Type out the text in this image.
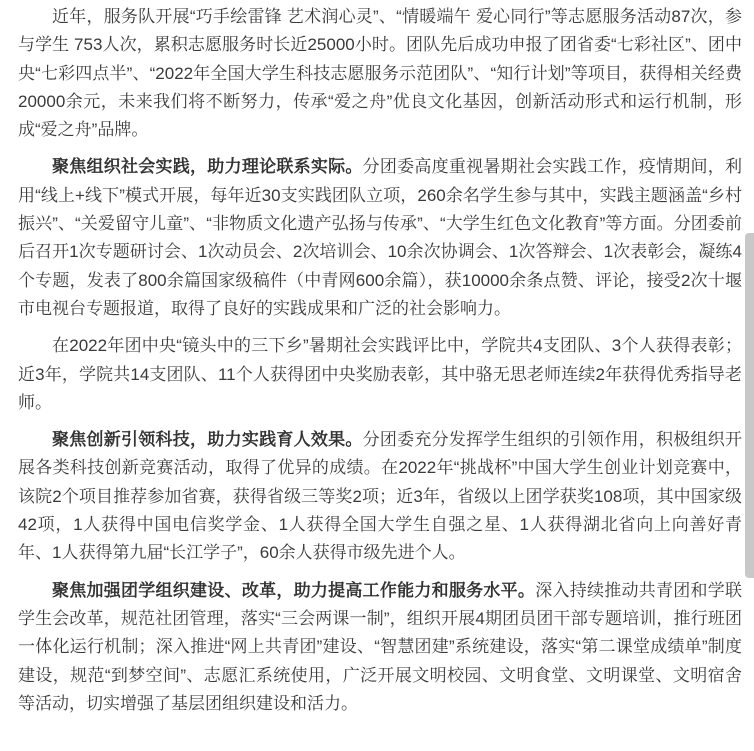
近年，服务队开展“巧手绘雷锋 艺术润心灵”、“情暖端午 爱心同行”等志愿服务活动87次，参与学生 753人次，累积志愿服务时长近25000小时。团队先后成功申报了团省委“七彩社区”、团中央“七彩四点半”、“2022年全国大学生科技志愿服务示范团队”、“知行计划”等项目，获得相关经费20000余元，未来我们将不断努力，传承“爱之舟”优良文化基因，创新活动形式和运行机制，形成“爱之舟”品牌。

聚焦组织社会实践，助力理论联系实际。分团委高度重视暑期社会实践工作，疫情期间，利用“线上+线下”模式开展，每年近30支实践团队立项，260余名学生参与其中，实践主题涵盖“乡村振兴”、“关爱留守儿童”、“非物质文化遗产弘扬与传承”、“大学生红色文化教育”等方面。分团委前后召开1次专题研讨会、1次动员会、2次培训会、10余次协调会、1次答辩会、1次表彰会，凝练4个专题，发表了800余篇国家级稿件（中青网600余篇），获10000余条点赞、评论，接受2次十堰市电视台专题报道，取得了良好的实践成果和广泛的社会影响力。

在2022年团中央“镜头中的三下乡”暑期社会实践评比中，学院共4支团队、3个人获得表彰；近3年，学院共14支团队、11个人获得团中央奖励表彰，其中骆无思老师连续2年获得优秀指导老师。

聚焦创新引领科技，助力实践育人效果。分团委充分发挥学生组织的引领作用，积极组织开展各类科技创新竞赛活动，取得了优异的成绩。在2022年“挑战杯”中国大学生创业计划竞赛中，该院2个项目推荐参加省赛，获得省级三等奖2项；近3年，省级以上团学获奖108项，其中国家级42项，1人获得中国电信奖学金、1人获得全国大学生自强之星、1人获得湖北省向上向善好青年、1人获得第九届“长江学子”，60余人获得市级先进个人。

聚焦加强团学组织建设、改革，助力提高工作能力和服务水平。深入持续推动共青团和学联学生会改革，规范社团管理，落实“三会两课一制”，组织开展4期团员团干部专题培训，推行班团一体化运行机制；深入推进“网上共青团”建设、“智慧团建”系统建设，落实“第二课堂成绩单”制度建设，规范“到梦空间”、志愿汇系统使用，广泛开展文明校园、文明食堂、文明课堂、文明宿舍等活动，切实增强了基层团组织建设和活力。
